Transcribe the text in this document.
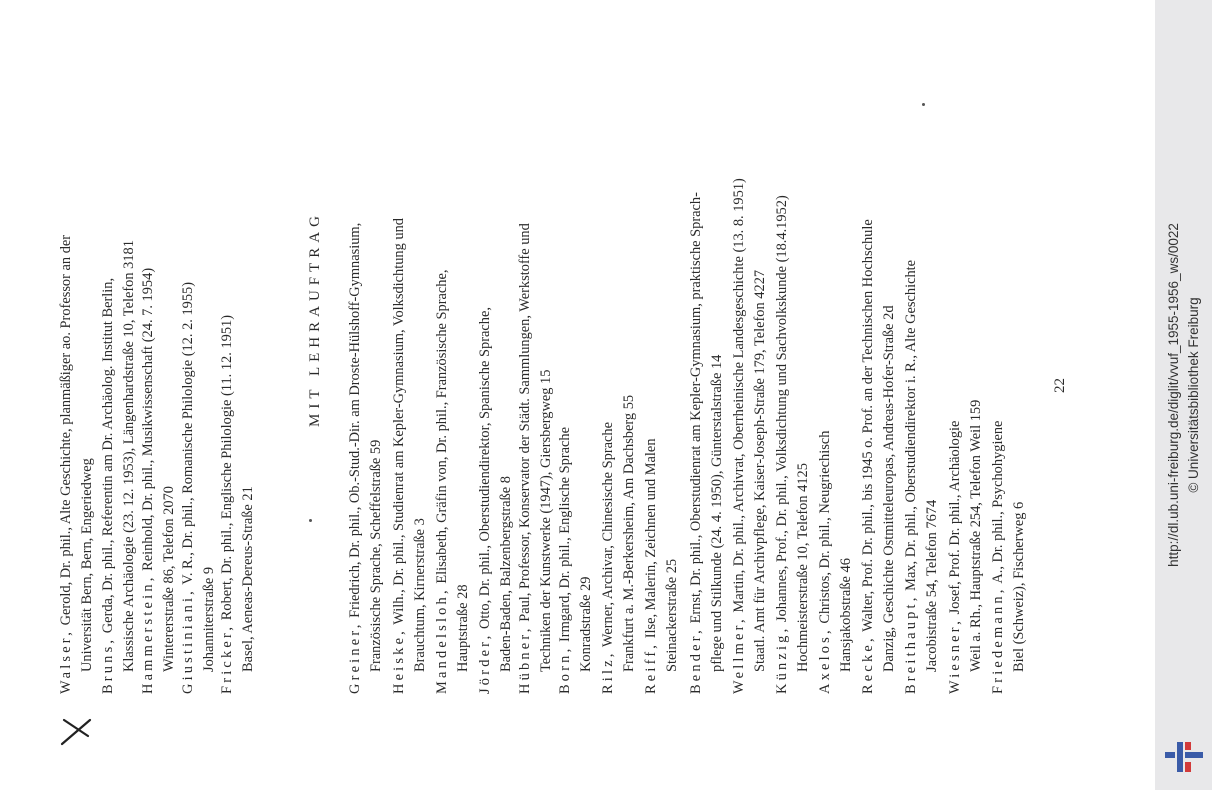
Walser, Gerold, Dr. phil., Alte Geschichte, planmäßiger ao. Professor an der Universität Bern, Bern, Engeriedweg Bruns, Gerda, Dr. phil., Referentin am Dr. Archäolog. Institut Berlin, Klassische Archäologie (23. 12. 1953), Längenhardstraße 10, Telefon 3181 Hammerstein, Reinhold, Dr. phil., Musikwissenschaft (24. 7. 1954)
Wintererstraße 86, Telefon 2070 Giustiniani, V. R., Dr. phil., Romanische Philologie (12. 2. 1955)
Johanniterstraße 9 Fricker, Robert, Dr. phil., Englische Philologie (11. 12. 1951) Basel, Aeneas-Dereus-Straße 21
MIT LEHRAUFTRAG
Greiner, Friedrich, Dr. phil., Ob.-Stud.-Dir. am Droste-Hülshoff-Gymnasium, Französische Sprache, Scheffelstraße 59 Heiske, Wilh., Dr. phil., Studienrat am Kepler-Gymnasium, Volksdichtung und Brauchtum, Kirnerstraße 3 Mandelsloh, Elisabeth, Gräfin von, Dr. phil., Französische Sprache,
Hauptstraße 28 Jörder, Otto, Dr. phil., Oberstudiendirektor, Spanische Sprache, Baden-Baden, Balzenbergstraße 8 Hübner, Paul, Professor, Konservator der Städt. Sammlungen, Werkstoffe und Techniken der Kunstwerke (1947), Giersbergweg 15 Born, Irmgard, Dr. phil., Englische Sprache Konradstraße 29
Rilz, Werner, Archivar, Chinesische Sprache Frankfurt a. M.-Berkersheim, Am Dachsberg 55 Reiff, Ilse, Malerin, Zeichnen und Malen Steinackerstraße 25 Bender, Ernst, Dr. phil., Oberstudienrat am Kepler-Gymnasium, praktische Sprach- pflege und Stilkunde (24. 4. 1950), Günterstalstraße 14 Wellmer, Martin, Dr. phil., Archivrat, Oberrheinische Landesgeschichte (13. 8. 1951) Staatl. Amt für Archivpflege, Kaiser-Joseph-Straße 179, Telefon 4227 Künzig, Johannes, Prof., Dr. phil., Volksdichtung und Sachvolkskunde (18.4.1952) Hochmeisterstraße 10, Telefon 4125 Axelos, Christos, Dr. phil., Neugriechisch Hansjakobstraße 46 Recke, Walter, Prof. Dr. phil., bis 1945 o. Prof. an der Technischen Hochschule Danzig, Geschichte Ostmitteleuropas, Andreas-Hofer-Straße 2d Breithaupt, Max, Dr. phil., Oberstudiendirektor i. R., Alte Geschichte Jacobistraße 54, Telefon 7674 Wiesner, Josef, Prof. Dr. phil., Archäologie Weil a. Rh., Hauptstraße 254, Telefon Weil 159 Friedemann, A., Dr. phil., Psychohygiene Biel (Schweiz), Fischerweg 6
22	http://dl.ub.uni-freiburg.de/diglit/vvuf_1955-1956_ws/0022 © Universitätsbibliothek Freiburg
